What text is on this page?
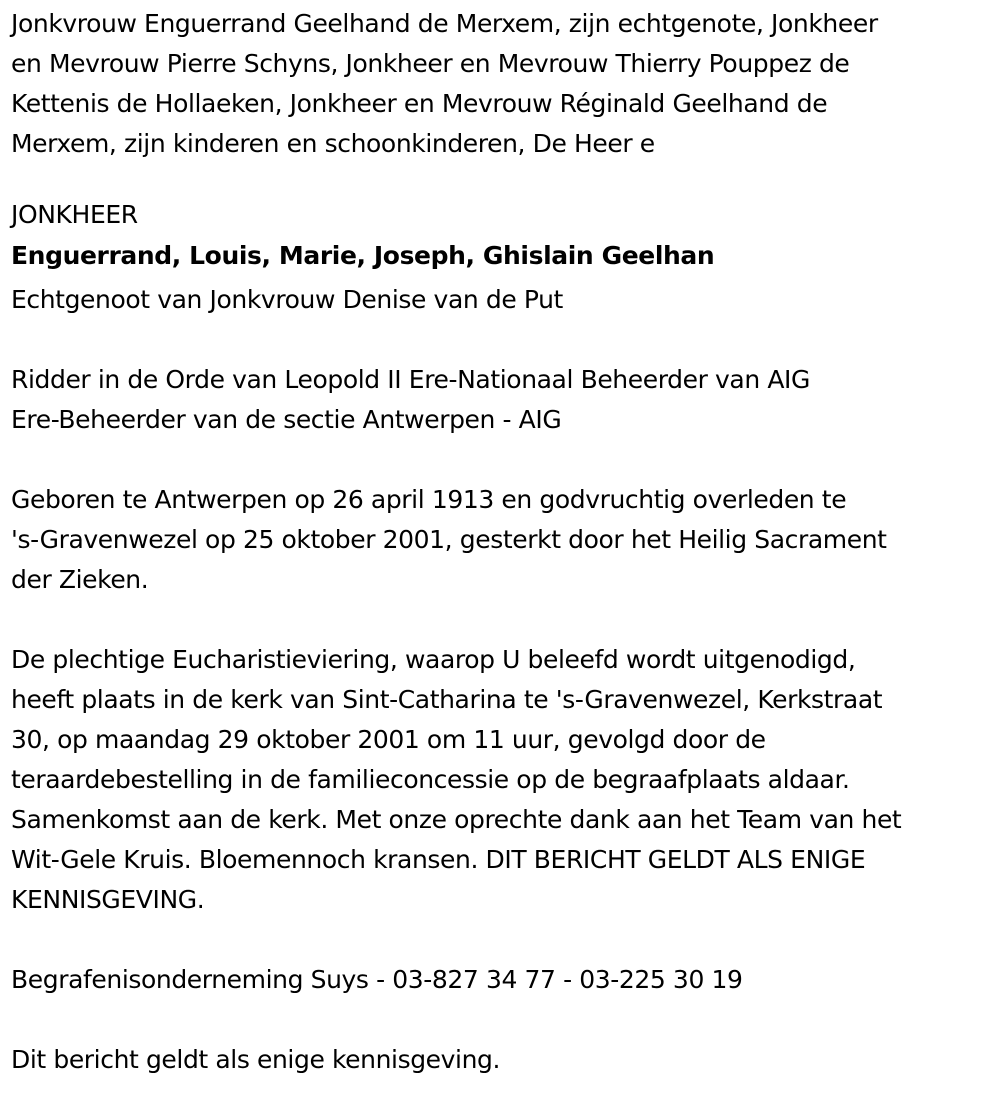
Jonkvrouw Enguerrand Geelhand de Merxem, zijn echtgenote, Jonkheer
en Mevrouw Pierre Schyns, Jonkheer en Mevrouw Thierry Pouppez de
Kettenis de Hollaeken, Jonkheer en Mevrouw Réginald Geelhand de
Merxem, zijn kinderen en schoonkinderen, De Heer e
JONKHEER
Enguerrand, Louis, Marie, Joseph, Ghislain Geelhan
Echtgenoot van Jonkvrouw Denise van de Put
Ridder in de Orde van Leopold II Ere-Nationaal Beheerder van AIG
Ere-Beheerder van de sectie Antwerpen - AIG
Geboren te Antwerpen op 26 april 1913 en godvruchtig overleden te
's-Gravenwezel op 25 oktober 2001, gesterkt door het Heilig Sacrament
der Zieken.
De plechtige Eucharistieviering, waarop U beleefd wordt uitgenodigd,
heeft plaats in de kerk van Sint-Catharina te 's-Gravenwezel, Kerkstraat
30, op maandag 29 oktober 2001 om 11 uur, gevolgd door de
teraardebestelling in de familieconcessie op de begraafplaats aldaar.
Samenkomst aan de kerk. Met onze oprechte dank aan het Team van het
Wit-Gele Kruis. Bloemennoch kransen. DIT BERICHT GELDT ALS ENIGE
KENNISGEVING.
Begrafenisonderneming Suys - 03-827 34 77 - 03-225 30 19
Dit bericht geldt als enige kennisgeving.
